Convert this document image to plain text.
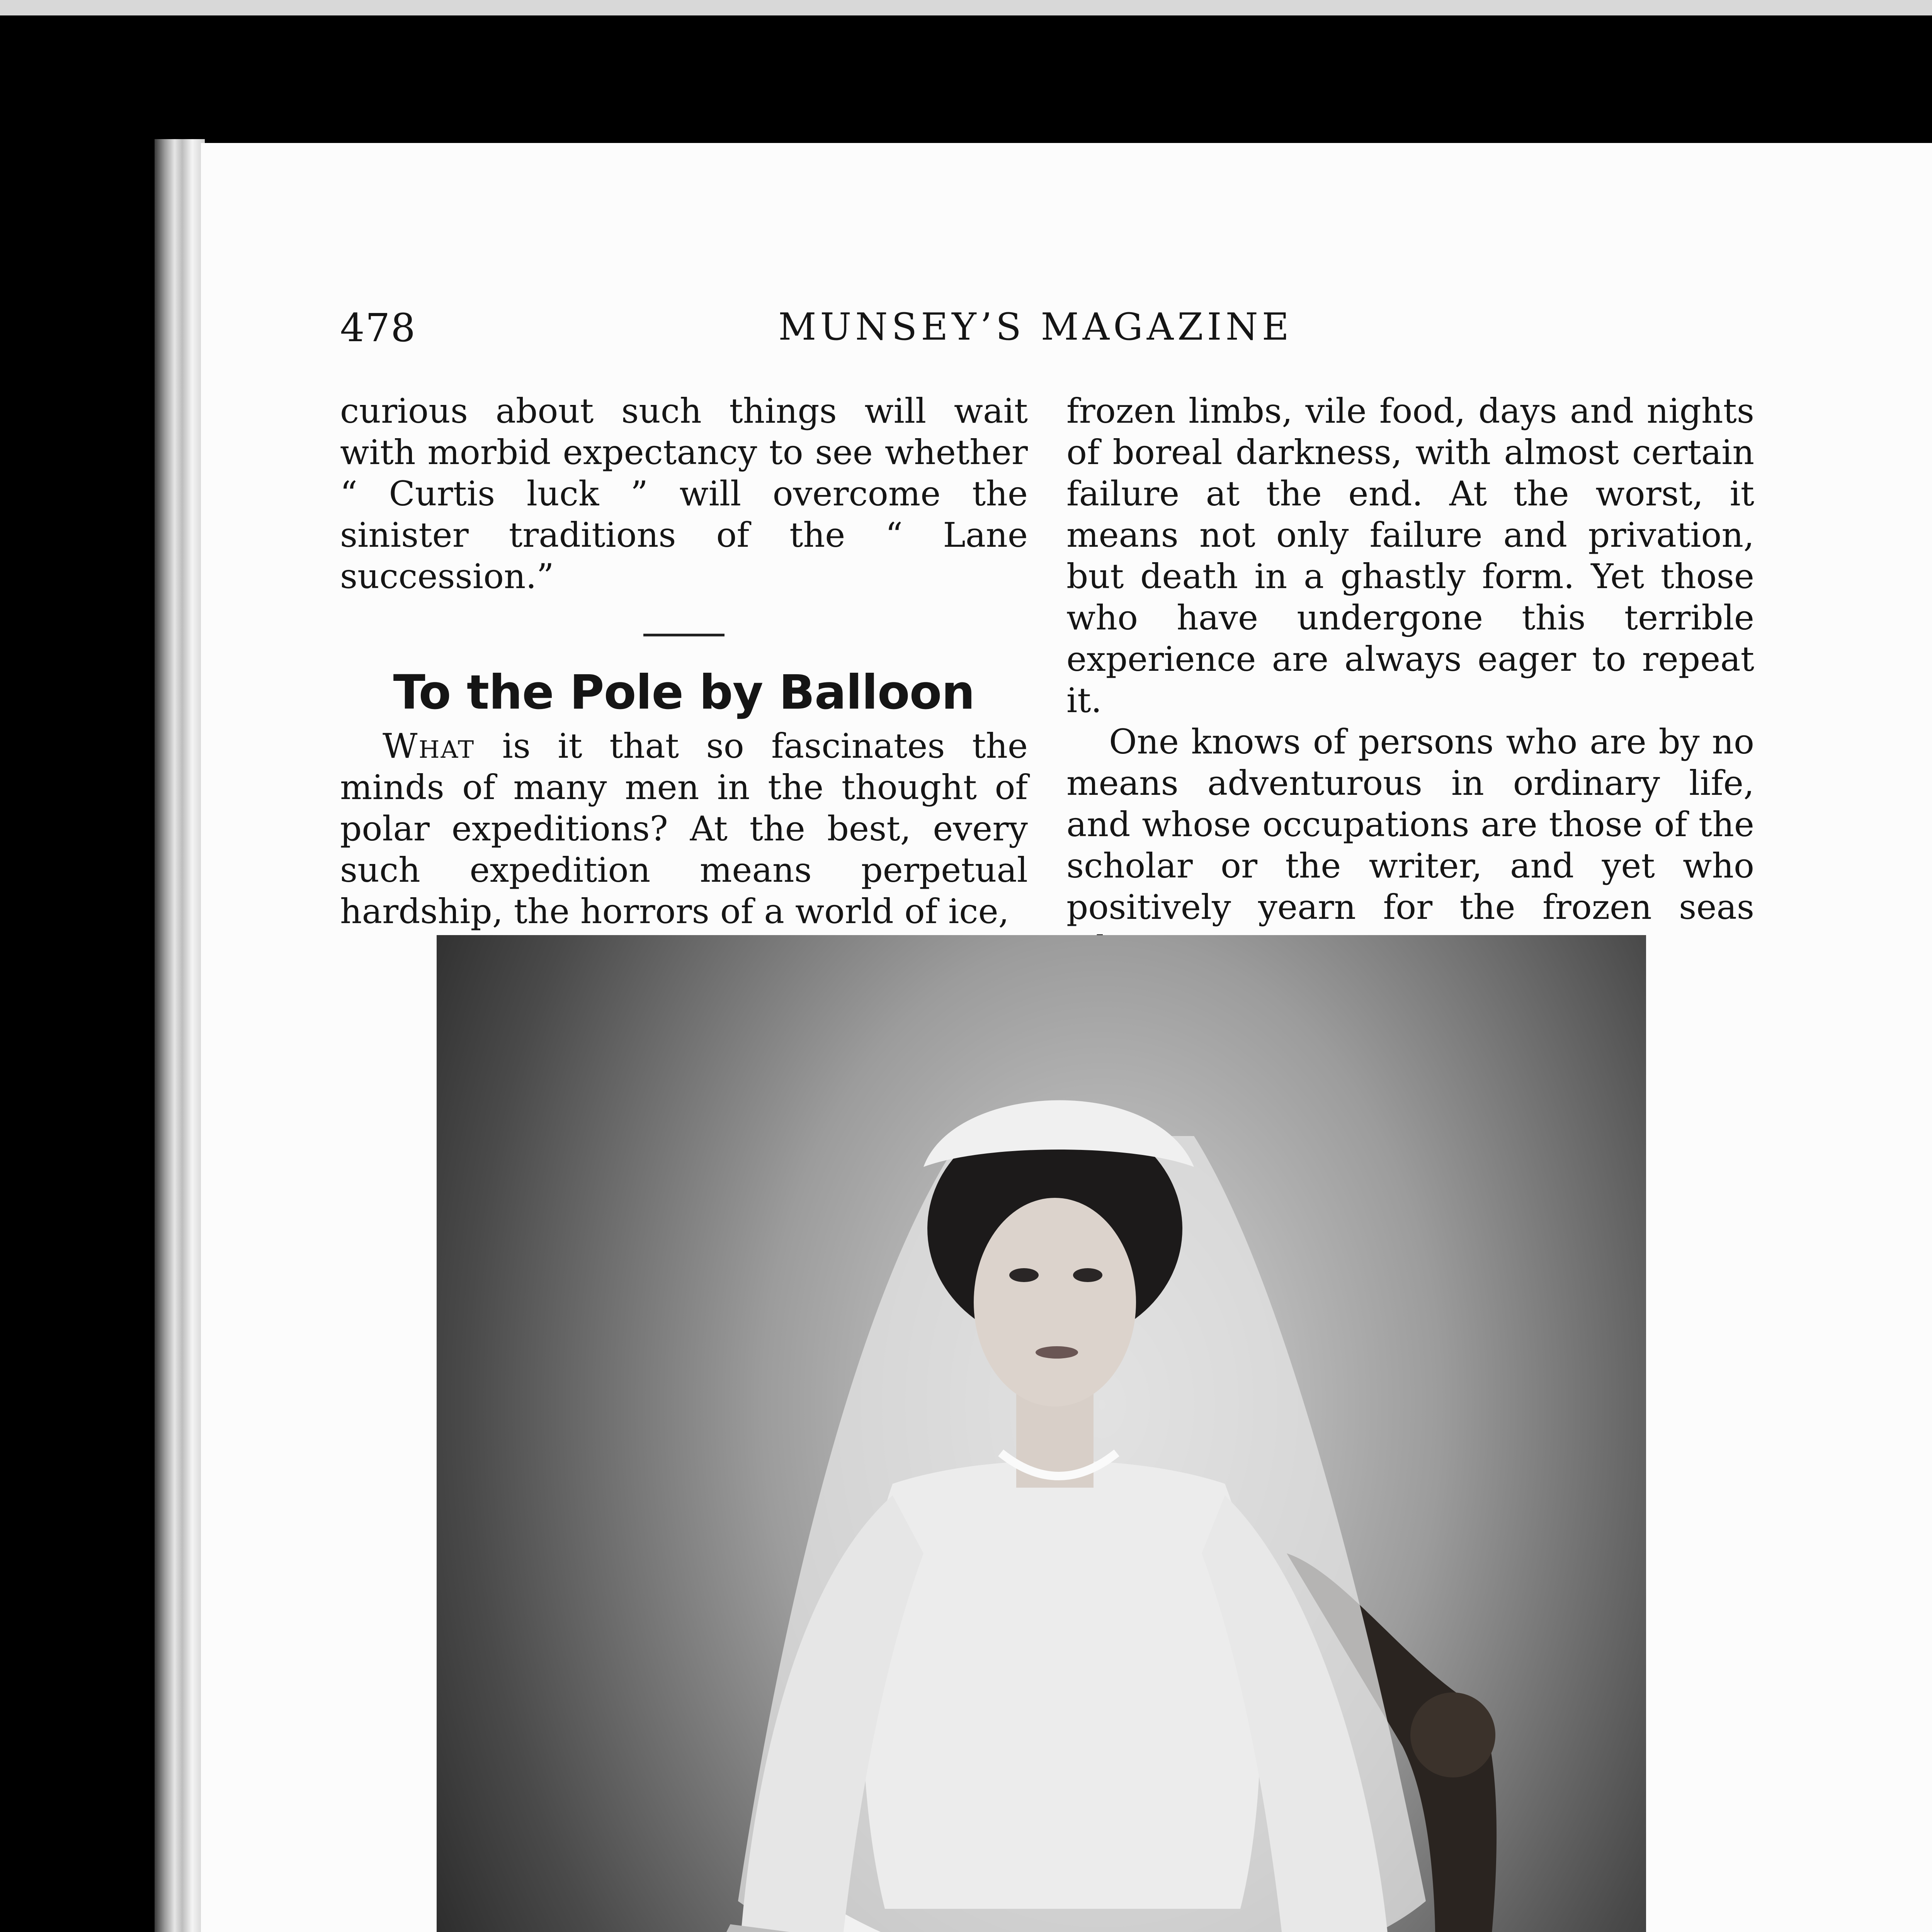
478	MUNSEY’S MAGAZINE

curious about such things will wait with morbid expectancy to see whether “ Curtis luck ” will overcome the sinister traditions of the “ Lane succession.”

To the Pole by Balloon

What is it that so fascinates the minds of many men in the thought of polar expeditions? At the best, every such expedition means perpetual hardship, the horrors of a world of ice,

frozen limbs, vile food, days and nights of boreal darkness, with almost certain failure at the end. At the worst, it means not only failure and privation, but death in a ghastly form. Yet those who have undergone this terrible experience are always eager to repeat it.

One knows of persons who are by no means adventurous in ordinary life, and whose occupations are those of the scholar or the writer, and yet who positively yearn for the frozen seas
